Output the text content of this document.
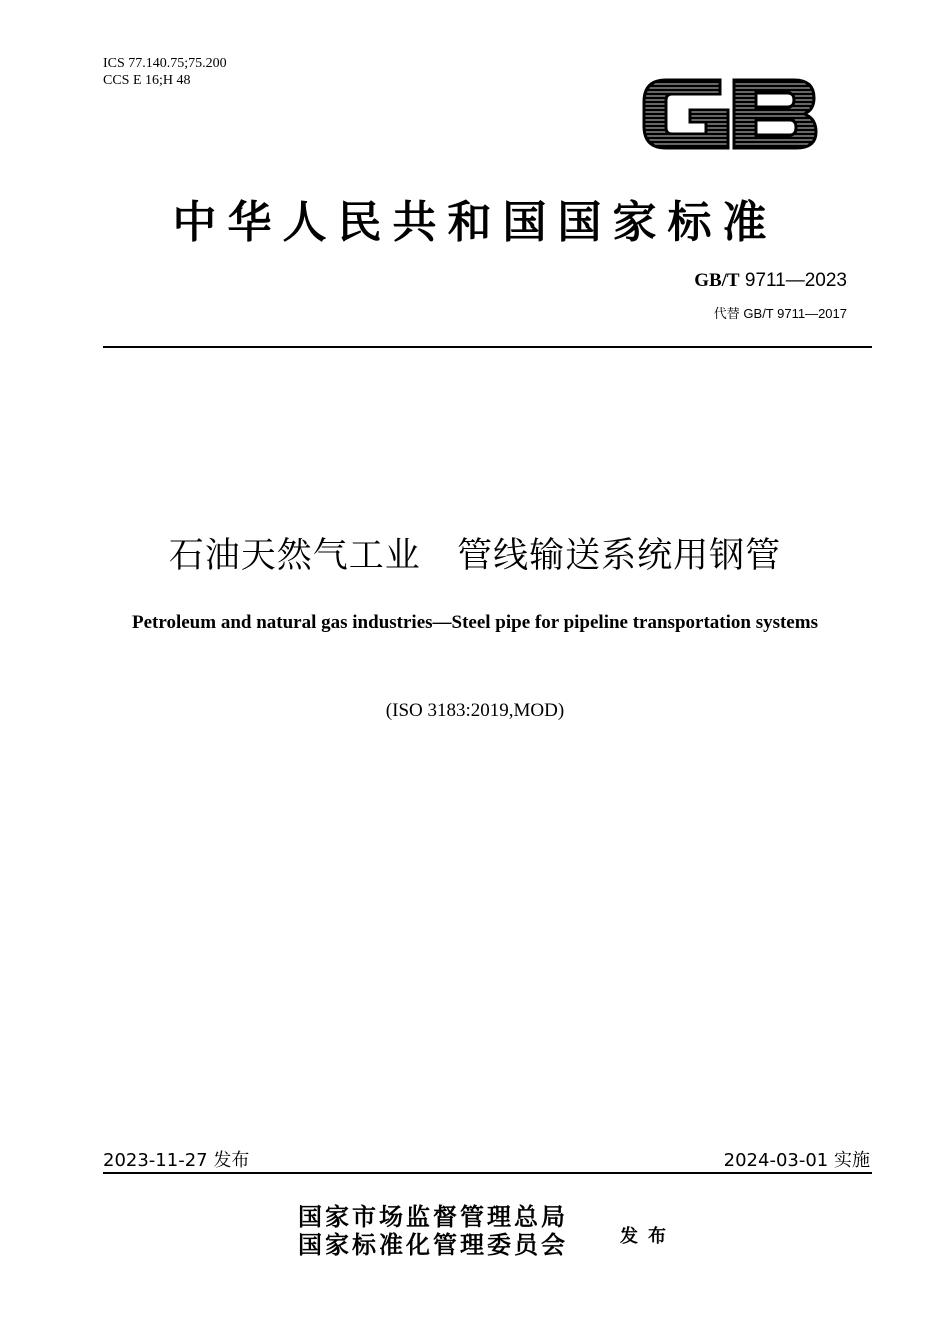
ICS 77.140.75;75.200
CCS E 16;H 48
中华人民共和国国家标准
GB/T 9711—2023
代替 GB/T 9711—2017
石油天然气工业   管线输送系统用钢管
Petroleum and natural gas industries—Steel pipe for pipeline transportation systems
(ISO 3183:2019,MOD)
2023-11-27 发布	2024-03-01 实施
国家市场监督管理总局
国家标准化管理委员会	发布
